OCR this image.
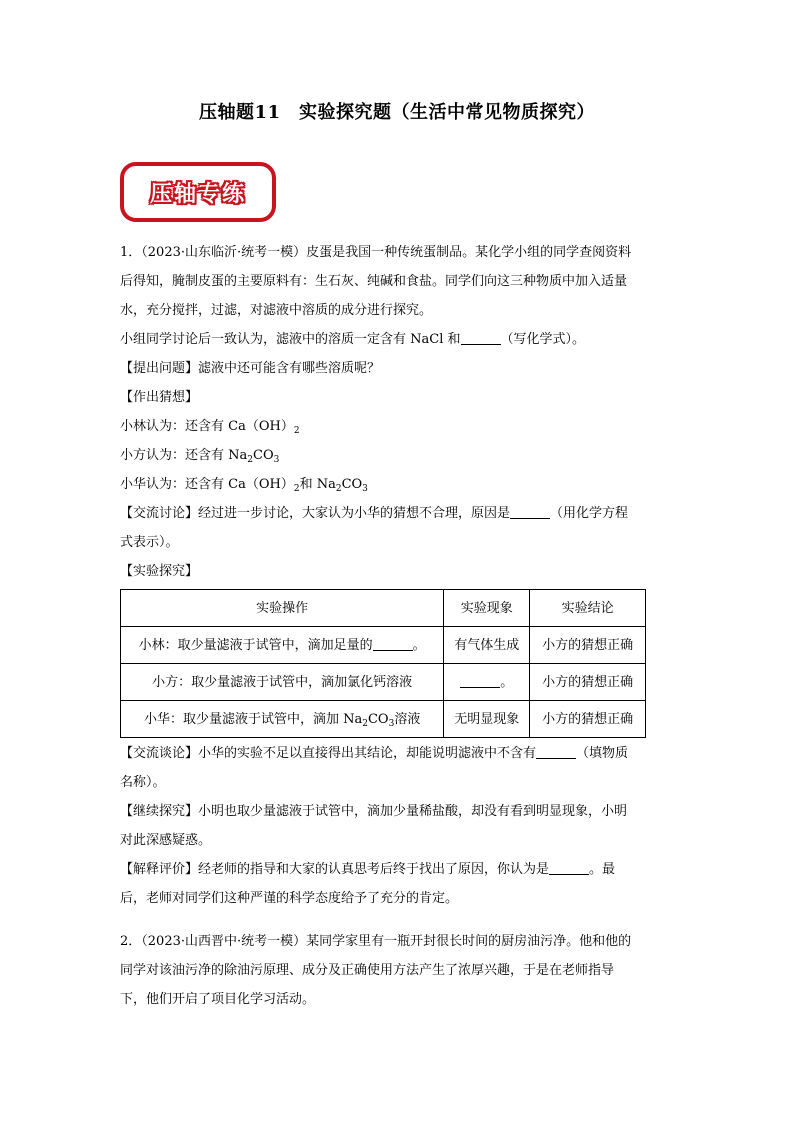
压轴题11　实验探究题（生活中常见物质探究）
压轴专练

1．（2023·山东临沂·统考一模）皮蛋是我国一种传统蛋制品。某化学小组的同学查阅资料

后得知，腌制皮蛋的主要原料有：生石灰、纯碱和食盐。同学们向这三种物质中加入适量

水，充分搅拌，过滤，对滤液中溶质的成分进行探究。

小组同学讨论后一致认为，滤液中的溶质一定含有 NaCl 和	（写化学式）。

【提出问题】滤液中还可能含有哪些溶质呢？

【作出猜想】

小林认为：还含有 $Ca(OH)_2$

小方认为：还含有 $Na_2CO_3$

小华认为：还含有 $Ca(OH)_2$和 $Na_2CO_3$

【交流讨论】经过进一步讨论，大家认为小华的猜想不合理，原因是	（用化学方程

式表示）。

【实验探究】

实验操作	实验现象	实验结论
小林：取少量滤液于试管中，滴加足量的 。	有气体生成	小方的猜想正确
小方：取少量滤液于试管中，滴加氯化钙溶液	。	小方的猜想正确
小华：取少量滤液于试管中，滴加 $Na_2CO_3$溶液	无明显现象	小方的猜想正确

【交流谈论】小华的实验不足以直接得出其结论，却能说明滤液中不含有	（填物质

名称）。

【继续探究】小明也取少量滤液于试管中，滴加少量稀盐酸，却没有看到明显现象，小明

对此深感疑惑。

【解释评价】经老师的指导和大家的认真思考后终于找出了原因，你认为是	。最

后，老师对同学们这种严谨的科学态度给予了充分的肯定。

2．（2023·山西晋中·统考一模）某同学家里有一瓶开封很长时间的厨房油污净。他和他的

同学对该油污净的除油污原理、成分及正确使用方法产生了浓厚兴趣，于是在老师指导

下，他们开启了项目化学习活动。
